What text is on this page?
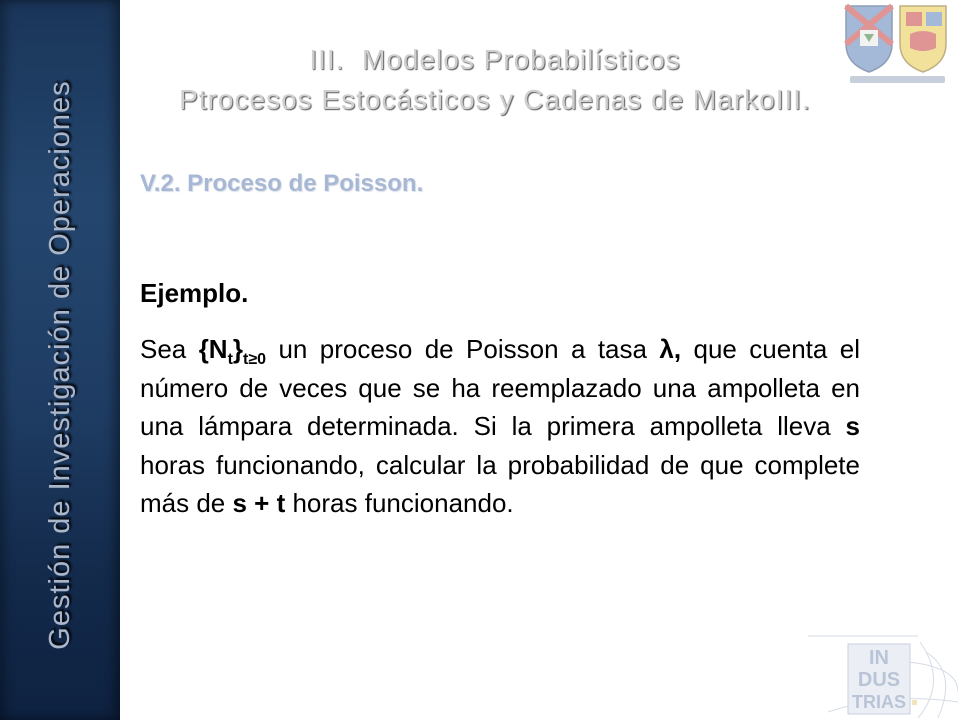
Gestión de Investigación de Operaciones
III.  Modelos Probabilísticos
Ptrocesos Estocásticos y Cadenas de MarkoIII.
V.2. Proceso de Poisson.
Ejemplo.
Sea $\{N_t\}_{t\ge 0}$ un proceso de Poisson a tasa λ, que cuenta el número de veces que se ha reemplazado una ampolleta en una lámpara determinada. Si la primera ampolleta lleva s horas funcionando, calcular la probabilidad de que complete más de s + t horas funcionando.
IN
DUS
TRIAS
